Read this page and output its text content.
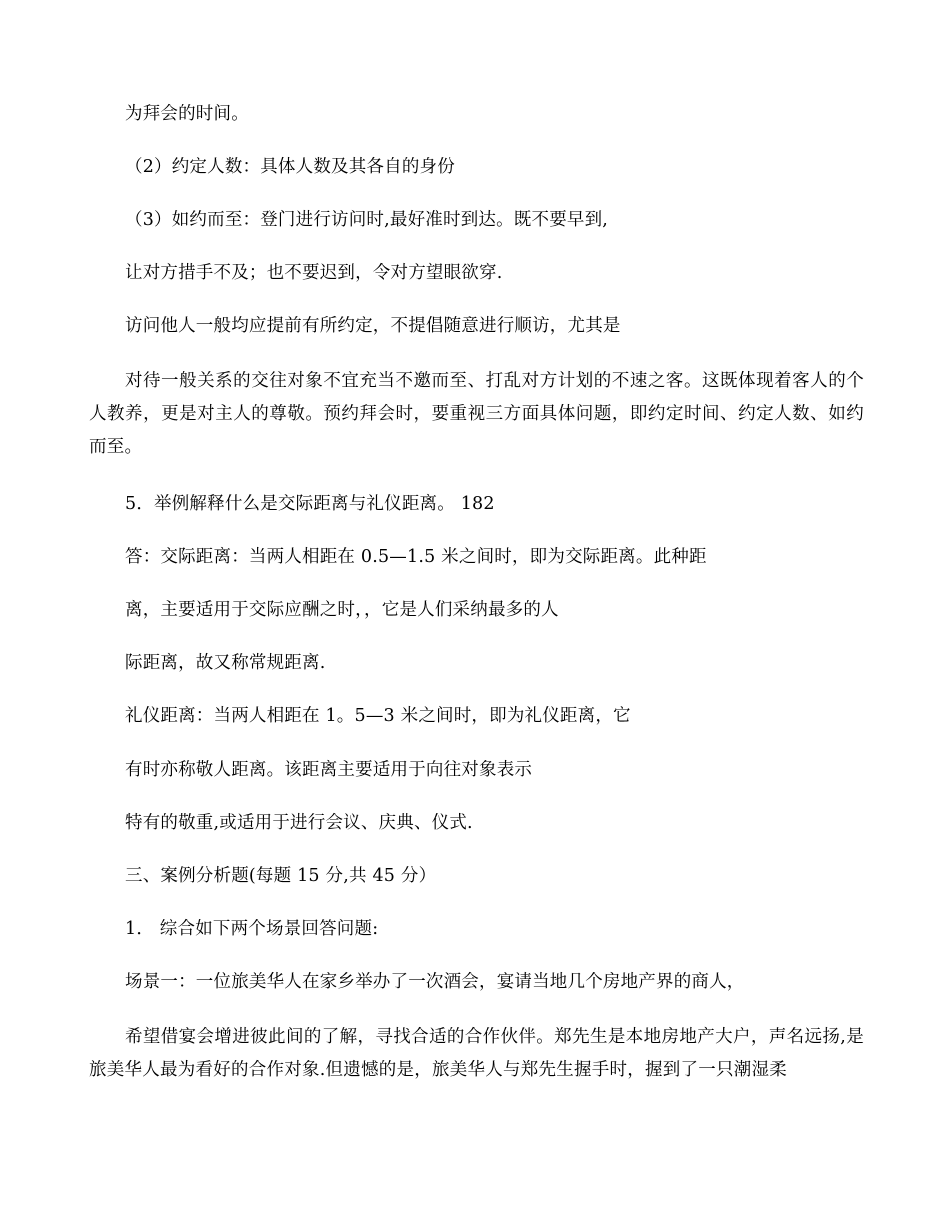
为拜会的时间。
（2）约定人数：具体人数及其各自的身份
（3）如约而至：登门进行访问时,最好准时到达。既不要早到,
让对方措手不及；也不要迟到，令对方望眼欲穿.
访问他人一般均应提前有所约定，不提倡随意进行顺访，尤其是
对待一般关系的交往对象不宜充当不邀而至、打乱对方计划的不速之客。这既体现着客人的个人教养，更是对主人的尊敬。预约拜会时，要重视三方面具体问题，即约定时间、约定人数、如约而至。
5．举例解释什么是交际距离与礼仪距离。 182
答：交际距离：当两人相距在 0.5—1.5 米之间时，即为交际距离。此种距
离，主要适用于交际应酬之时，，它是人们采纳最多的人
际距离，故又称常规距离.
礼仪距离：当两人相距在 1。5—3 米之间时，即为礼仪距离，它
有时亦称敬人距离。该距离主要适用于向往对象表示
特有的敬重,或适用于进行会议、庆典、仪式.
三、案例分析题(每题 15 分,共 45 分）
1． 综合如下两个场景回答问题:
场景一：一位旅美华人在家乡举办了一次酒会，宴请当地几个房地产界的商人，
希望借宴会增进彼此间的了解，寻找合适的合作伙伴。郑先生是本地房地产大户，声名远扬,是旅美华人最为看好的合作对象.但遗憾的是，旅美华人与郑先生握手时，握到了一只潮湿柔
